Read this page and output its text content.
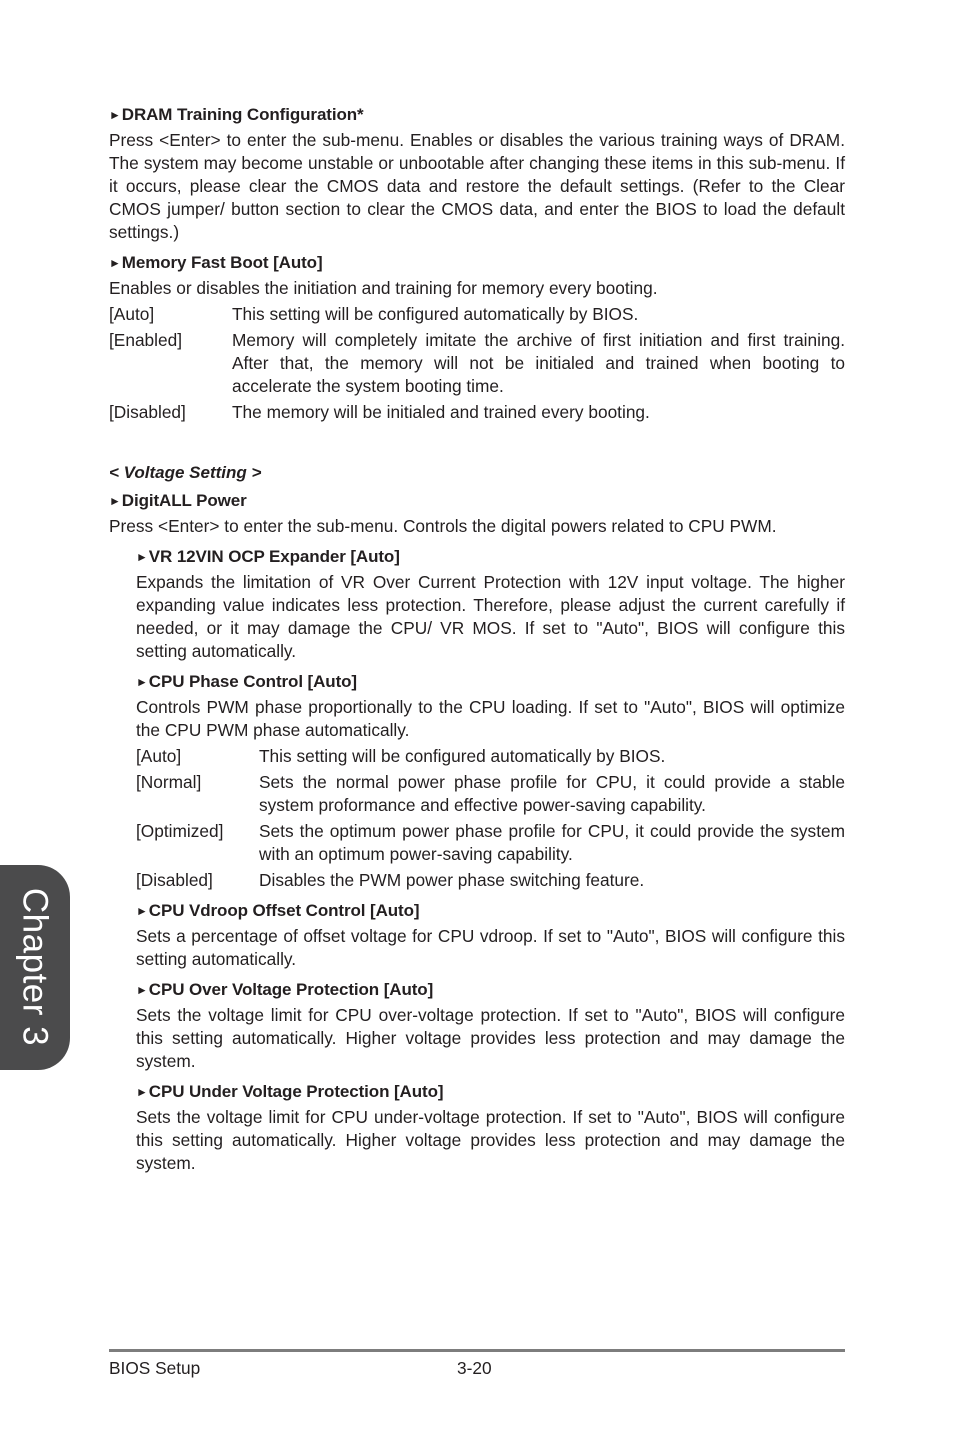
►DRAM Training Configuration*

Press <Enter> to enter the sub-menu. Enables or disables the various training ways of DRAM. The system may become unstable or unbootable after changing these items in this sub-menu. If it occurs, please clear the CMOS data and restore the default settings. (Refer to the Clear CMOS jumper/ button section to clear the CMOS data, and enter the BIOS to load the default settings.)

►Memory Fast Boot [Auto]

Enables or disables the initiation and training for memory every booting.

[Auto]	This setting will be configured automatically by BIOS.
[Enabled]	Memory will completely imitate the archive of first initiation and first training. After that, the memory will not be initialed and trained when booting to accelerate the system booting time.
[Disabled]	The memory will be initialed and trained every booting.
< Voltage Setting >
►DigitALL Power

Press <Enter> to enter the sub-menu. Controls the digital powers related to CPU PWM.

►VR 12VIN OCP Expander [Auto]

Expands the limitation of VR Over Current Protection with 12V input voltage. The higher expanding value indicates less protection. Therefore, please adjust the current carefully if needed, or it may damage the CPU/ VR MOS. If set to "Auto", BIOS will configure this setting automatically.

►CPU Phase Control [Auto]

Controls PWM phase proportionally to the CPU loading. If set to "Auto", BIOS will optimize the CPU PWM phase automatically.

[Auto]	This setting will be configured automatically by BIOS.
[Normal]	Sets the normal power phase profile for CPU, it could provide a stable system proformance and effective power-saving capability.
[Optimized]	Sets the optimum power phase profile for CPU, it could provide the system with an optimum power-saving capability.
[Disabled]	Disables the PWM power phase switching feature.
►CPU Vdroop Offset Control [Auto]

Sets a percentage of offset voltage for CPU vdroop. If set to "Auto", BIOS will configure this setting automatically.

►CPU Over Voltage Protection [Auto]

Sets the voltage limit for CPU over-voltage protection. If set to "Auto", BIOS will configure this setting automatically. Higher voltage provides less protection and may damage the system.

►CPU Under Voltage Protection [Auto]

Sets the voltage limit for CPU under-voltage protection. If set to "Auto", BIOS will configure this setting automatically. Higher voltage provides less protection and may damage the system.

Chapter 3
BIOS Setup	3-20
